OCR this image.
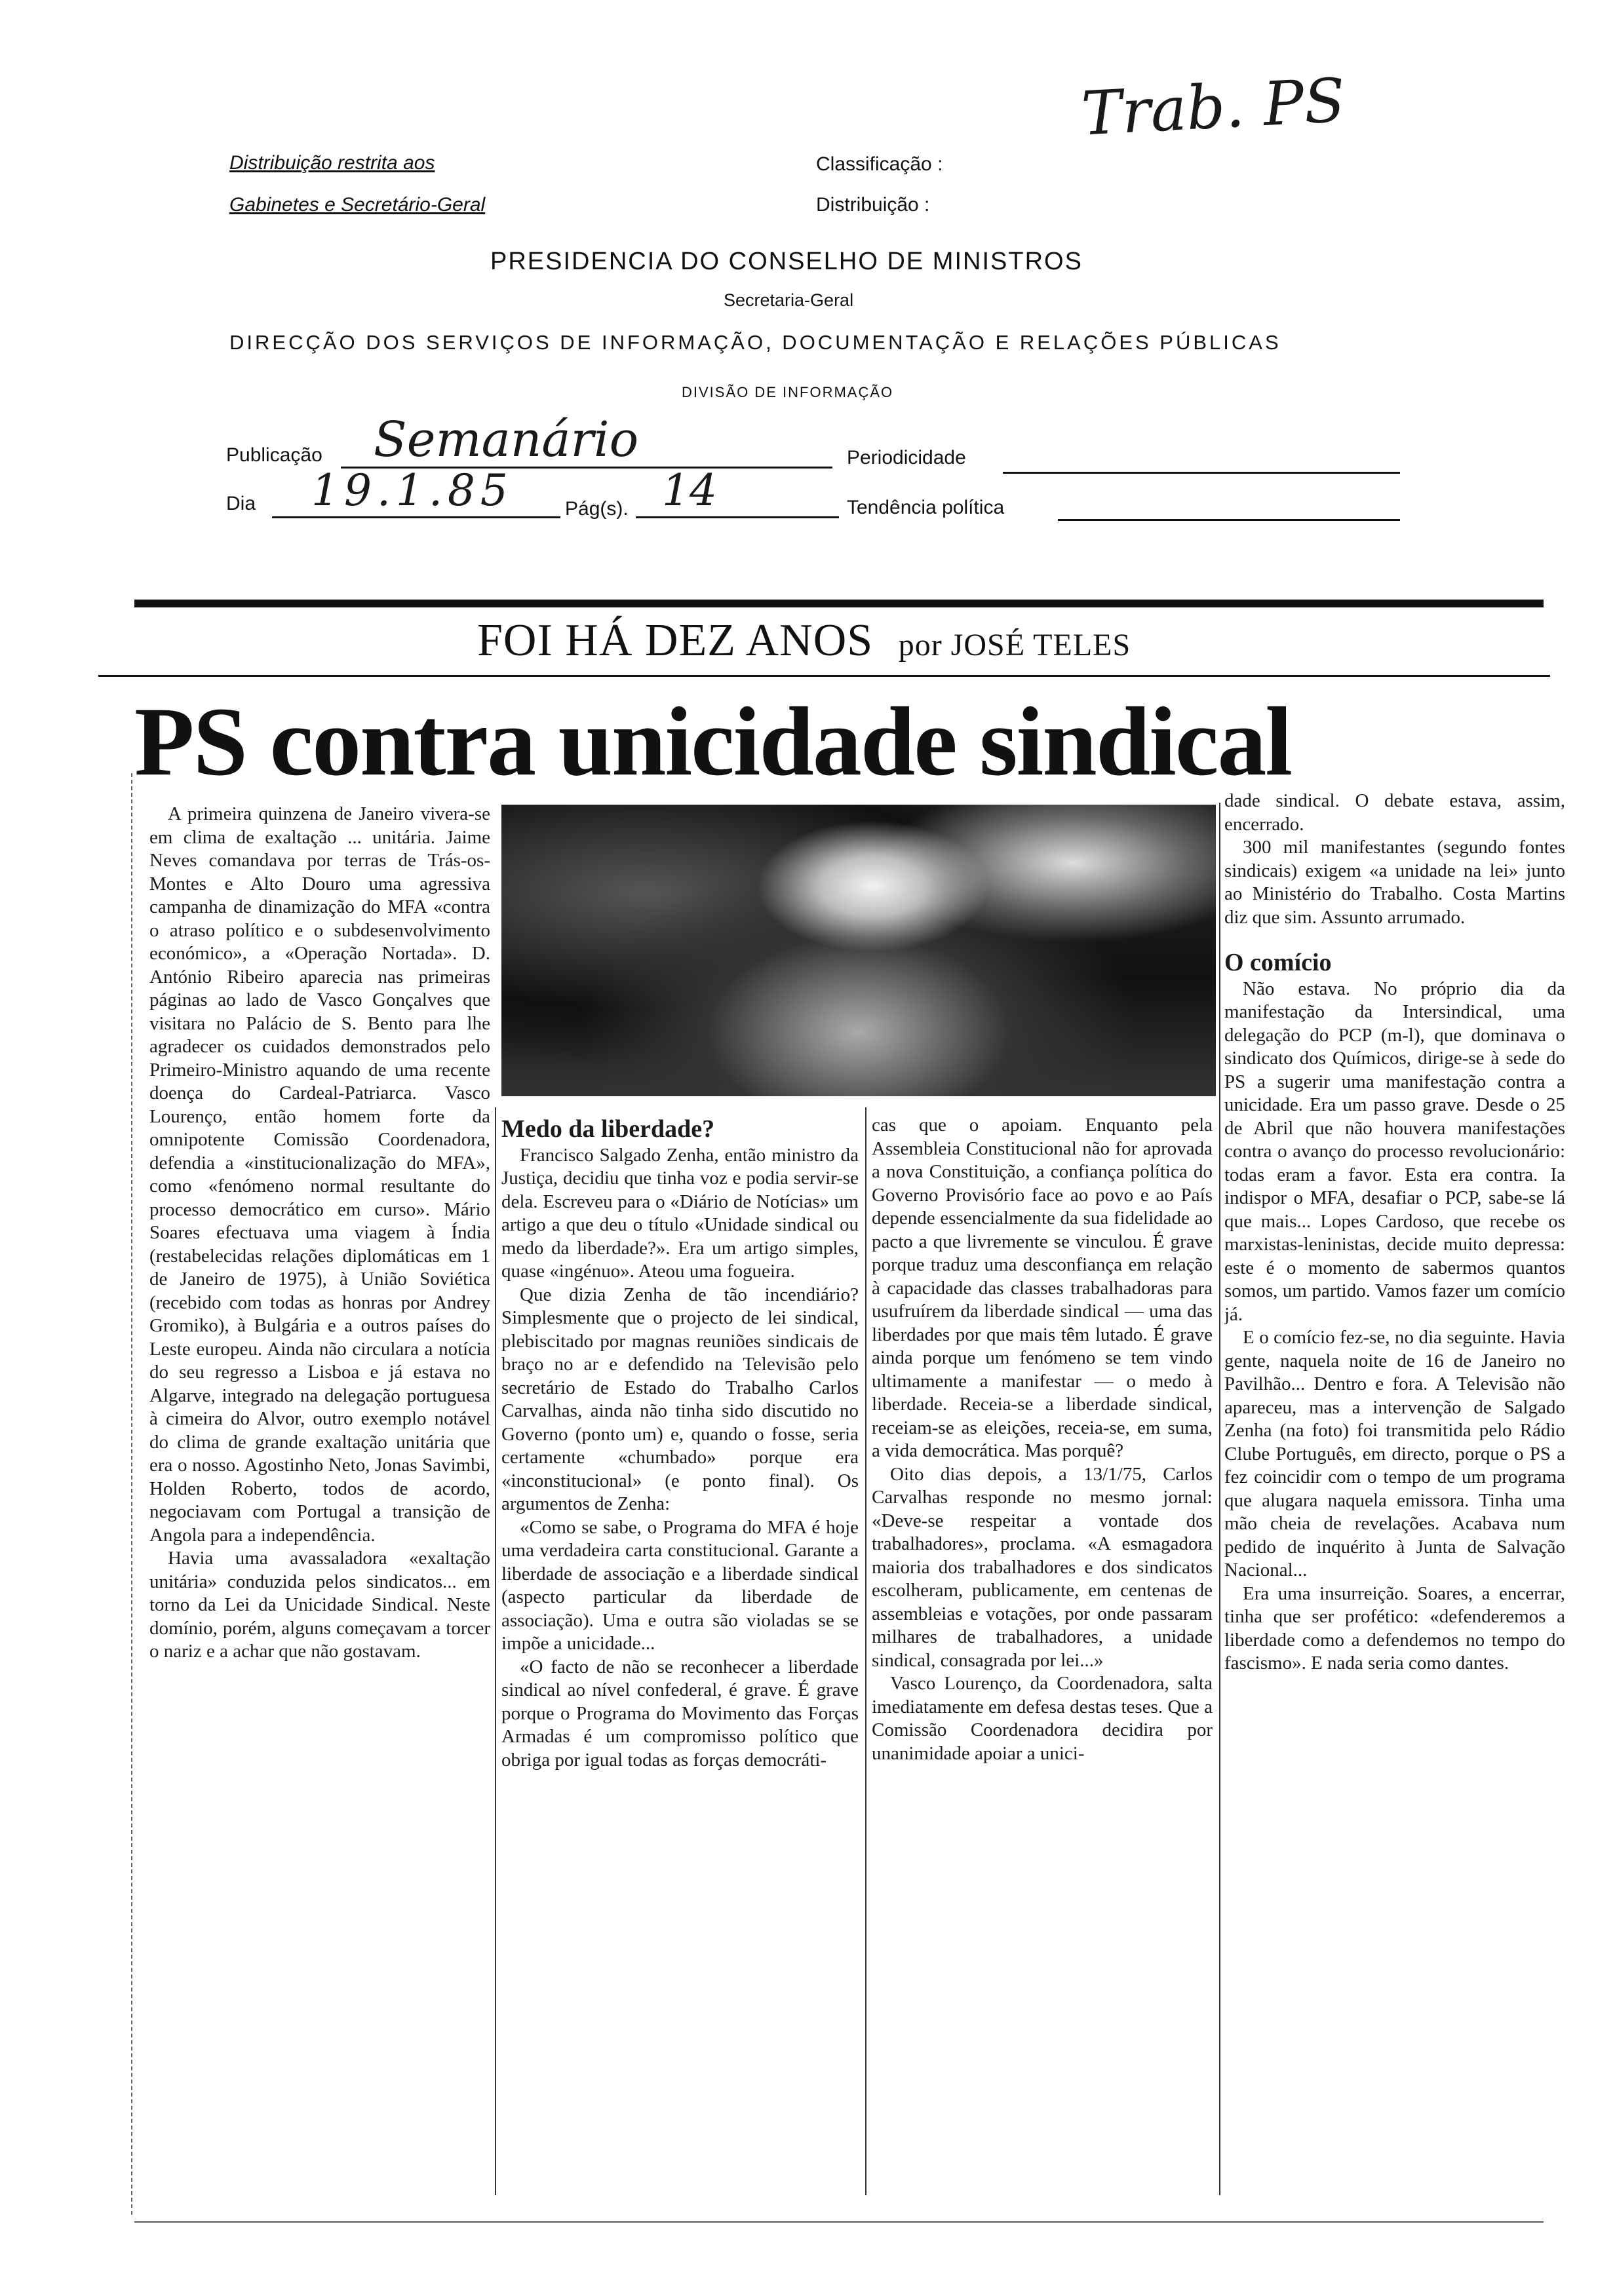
Trab. PS
Distribuição restrita aos
Gabinetes e Secretário-Geral
Classificação :
Distribuição :
PRESIDENCIA DO CONSELHO DE MINISTROS
Secretaria-Geral
DIRECÇÃO DOS SERVIÇOS DE INFORMAÇÃO, DOCUMENTAÇÃO E RELAÇÕES PÚBLICAS
DIVISÃO DE INFORMAÇÃO
Publicação Semanário	Periodicidade
Dia 19.1.85	Pág(s). 14	Tendência política
FOI HÁ DEZ ANOS por JOSÉ TELES
PS contra unicidade sindical

A primeira quinzena de Janeiro vivera-se em clima de exaltação ... unitária. Jaime Neves comandava por terras de Trás-os-Montes e Alto Douro uma agressiva campanha de dinamização do MFA «contra o atraso político e o subdesenvolvimento económico», a «Operação Nortada». D. António Ribeiro aparecia nas primeiras páginas ao lado de Vasco Gonçalves que visitara no Palácio de S. Bento para lhe agradecer os cuidados demonstrados pelo Primeiro-Ministro aquando de uma recente doença do Cardeal-Patriarca. Vasco Lourenço, então homem forte da omnipotente Comissão Coordenadora, defendia a «institucionalização do MFA», como «fenómeno normal resultante do processo democrático em curso». Mário Soares efectuava uma viagem à Índia (restabelecidas relações diplomáticas em 1 de Janeiro de 1975), à União Soviética (recebido com todas as honras por Andrey Gromiko), à Bulgária e a outros países do Leste europeu. Ainda não circulara a notícia do seu regresso a Lisboa e já estava no Algarve, integrado na delegação portuguesa à cimeira do Alvor, outro exemplo notável do clima de grande exaltação unitária que era o nosso. Agostinho Neto, Jonas Savimbi, Holden Roberto, todos de acordo, negociavam com Portugal a transição de Angola para a independência.

Havia uma avassaladora «exaltação unitária» conduzida pelos sindicatos... em torno da Lei da Unicidade Sindical. Neste domínio, porém, alguns começavam a torcer o nariz e a achar que não gostavam.

Medo da liberdade?

Francisco Salgado Zenha, então ministro da Justiça, decidiu que tinha voz e podia servir-se dela. Escreveu para o «Diário de Notícias» um artigo a que deu o título «Unidade sindical ou medo da liberdade?». Era um artigo simples, quase «ingénuo». Ateou uma fogueira.

Que dizia Zenha de tão incendiário? Simplesmente que o projecto de lei sindical, plebiscitado por magnas reuniões sindicais de braço no ar e defendido na Televisão pelo secretário de Estado do Trabalho Carlos Carvalhas, ainda não tinha sido discutido no Governo (ponto um) e, quando o fosse, seria certamente «chumbado» porque era «inconstitucional» (e ponto final). Os argumentos de Zenha:

«Como se sabe, o Programa do MFA é hoje uma verdadeira carta constitucional. Garante a liberdade de associação e a liberdade sindical (aspecto particular da liberdade de associação). Uma e outra são violadas se se impõe a unicidade...

«O facto de não se reconhecer a liberdade sindical ao nível confederal, é grave. É grave porque o Programa do Movimento das Forças Armadas é um compromisso político que obriga por igual todas as forças democráti-

cas que o apoiam. Enquanto pela Assembleia Constitucional não for aprovada a nova Constituição, a confiança política do Governo Provisório face ao povo e ao País depende essencialmente da sua fidelidade ao pacto a que livremente se vinculou. É grave porque traduz uma desconfiança em relação à capacidade das classes trabalhadoras para usufruírem da liberdade sindical — uma das liberdades por que mais têm lutado. É grave ainda porque um fenómeno se tem vindo ultimamente a manifestar — o medo à liberdade. Receia-se a liberdade sindical, receiam-se as eleições, receia-se, em suma, a vida democrática. Mas porquê?

Oito dias depois, a 13/1/75, Carlos Carvalhas responde no mesmo jornal: «Deve-se respeitar a vontade dos trabalhadores», proclama. «A esmagadora maioria dos trabalhadores e dos sindicatos escolheram, publicamente, em centenas de assembleias e votações, por onde passaram milhares de trabalhadores, a unidade sindical, consagrada por lei...»

Vasco Lourenço, da Coordenadora, salta imediatamente em defesa destas teses. Que a Comissão Coordenadora decidira por unanimidade apoiar a unici-

dade sindical. O debate estava, assim, encerrado.

300 mil manifestantes (segundo fontes sindicais) exigem «a unidade na lei» junto ao Ministério do Trabalho. Costa Martins diz que sim. Assunto arrumado.

O comício

Não estava. No próprio dia da manifestação da Intersindical, uma delegação do PCP (m-l), que dominava o sindicato dos Químicos, dirige-se à sede do PS a sugerir uma manifestação contra a unicidade. Era um passo grave. Desde o 25 de Abril que não houvera manifestações contra o avanço do processo revolucionário: todas eram a favor. Esta era contra. Ia indispor o MFA, desafiar o PCP, sabe-se lá que mais... Lopes Cardoso, que recebe os marxistas-leninistas, decide muito depressa: este é o momento de sabermos quantos somos, um partido. Vamos fazer um comício já.

E o comício fez-se, no dia seguinte. Havia gente, naquela noite de 16 de Janeiro no Pavilhão... Dentro e fora. A Televisão não apareceu, mas a intervenção de Salgado Zenha (na foto) foi transmitida pelo Rádio Clube Português, em directo, porque o PS a fez coincidir com o tempo de um programa que alugara naquela emissora. Tinha uma mão cheia de revelações. Acabava num pedido de inquérito à Junta de Salvação Nacional...

Era uma insurreição. Soares, a encerrar, tinha que ser profético: «defenderemos a liberdade como a defendemos no tempo do fascismo». E nada seria como dantes.
